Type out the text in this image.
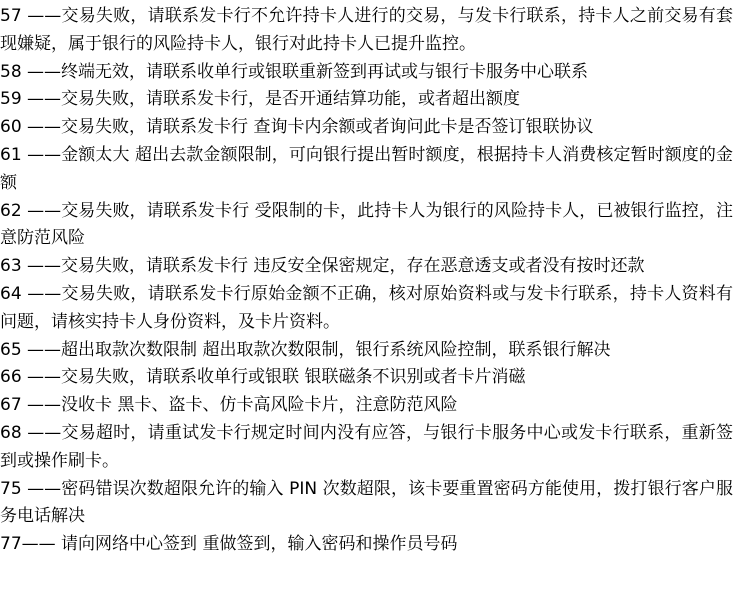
57 ——交易失败，请联系发卡行不允许持卡人进行的交易，与发卡行联系，持卡人之前交易有套现嫌疑，属于银行的风险持卡人，银行对此持卡人已提升监控。

58 ——终端无效，请联系收单行或银联重新签到再试或与银行卡服务中心联系

59 ——交易失败，请联系发卡行，是否开通结算功能，或者超出额度

60 ——交易失败，请联系发卡行 查询卡内余额或者询问此卡是否签订银联协议

61 ——金额太大 超出去款金额限制，可向银行提出暂时额度，根据持卡人消费核定暂时额度的金额

62 ——交易失败，请联系发卡行 受限制的卡，此持卡人为银行的风险持卡人，已被银行监控，注意防范风险

63 ——交易失败，请联系发卡行 违反安全保密规定，存在恶意透支或者没有按时还款

64 ——交易失败，请联系发卡行原始金额不正确，核对原始资料或与发卡行联系，持卡人资料有问题，请核实持卡人身份资料，及卡片资料。

65 ——超出取款次数限制 超出取款次数限制，银行系统风险控制，联系银行解决

66 ——交易失败，请联系收单行或银联 银联磁条不识别或者卡片消磁

67 ——没收卡 黑卡、盗卡、仿卡高风险卡片，注意防范风险

68 ——交易超时，请重试发卡行规定时间内没有应答，与银行卡服务中心或发卡行联系，重新签到或操作刷卡。

75 ——密码错误次数超限允许的输入 PIN 次数超限，该卡要重置密码方能使用，拨打银行客户服务电话解决

77—— 请向网络中心签到 重做签到，输入密码和操作员号码
